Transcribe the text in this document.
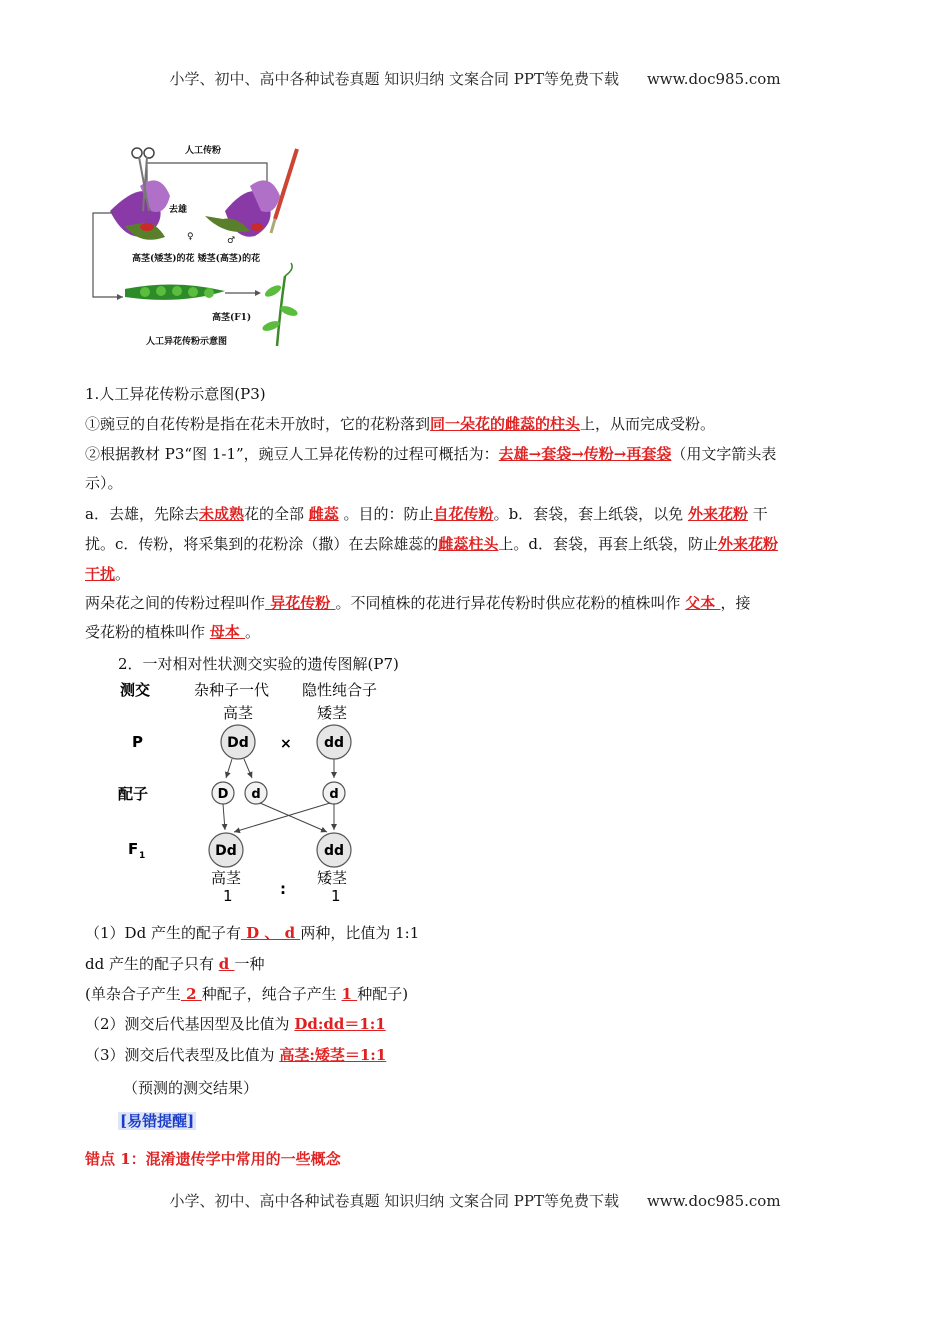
小学、初中、高中各种试卷真题 知识归纳 文案合同 PPT等免费下载 www.doc985.com
人工传粉
去雄
♀	♂
高茎(矮茎)的花 矮茎(高茎)的花
高茎(F1)
人工异花传粉示意图
1.人工异花传粉示意图(P3)
①豌豆的自花传粉是指在花未开放时，它的花粉落到同一朵花的雌蕊的柱头上，从而完成受粉。
②根据教材 P3“图 1-1”，豌豆人工异花传粉的过程可概括为：去雄→套袋→传粉→再套袋（用文字箭头表
示）。
a．去雄，先除去未成熟花的全部 雌蕊 。目的：防止自花传粉。b．套袋，套上纸袋，以免 外来花粉 干
扰。c．传粉，将采集到的花粉涂（撒）在去除雄蕊的雌蕊柱头上。d．套袋，再套上纸袋，防止外来花粉
干扰。
两朵花之间的传粉过程叫作 异花传粉 。不同植株的花进行异花传粉时供应花粉的植株叫作 父本 ，接
受花粉的植株叫作 母本 。
2．一对相对性状测交实验的遗传图解(P7)
测交	杂种子一代 隐性纯合子
高茎	矮茎
P	Dd × dd
配子	D d	d
F 1	Dd	dd
高茎	矮茎
1	:	1
（1）Dd 产生的配子有 D 、 d 两种，比值为 1:1
dd 产生的配子只有 d 一种
(单杂合子产生 2 种配子，纯合子产生 1 种配子)
（2）测交后代基因型及比值为 Dd:dd＝1:1
（3）测交后代表型及比值为 高茎:矮茎＝1:1
（预测的测交结果）
[易错提醒]
错点 1：混淆遗传学中常用的一些概念
小学、初中、高中各种试卷真题 知识归纳 文案合同 PPT等免费下载 www.doc985.com
